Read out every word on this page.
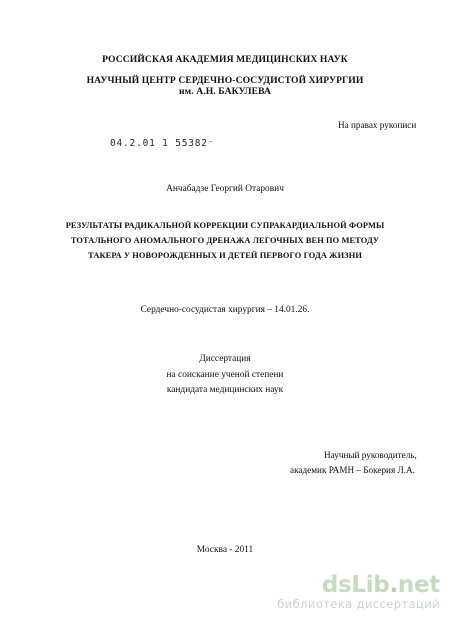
РОССИЙСКАЯ АКАДЕМИЯ МЕДИЦИНСКИХ НАУК
НАУЧНЫЙ ЦЕНТР СЕРДЕЧНО-СОСУДИСТОЙ ХИРУРГИИ
им. А.Н. БАКУЛЕВА
На правах рукописи
04.2.01 1 55382⁻
Анчабадзе Георгий Отарович
РЕЗУЛЬТАТЫ РАДИКАЛЬНОЙ КОРРЕКЦИИ СУПРАКАРДИАЛЬНОЙ ФОРМЫ
ТОТАЛЬНОГО АНОМАЛЬНОГО ДРЕНАЖА ЛЕГОЧНЫХ ВЕН ПО МЕТОДУ
ТАКЕРА У НОВОРОЖДЕННЫХ И ДЕТЕЙ ПЕРВОГО ГОДА ЖИЗНИ
Сердечно-сосудистая хирургия – 14.01.26.
Диссертация
на соискание ученой степени
кандидата медицинских наук
Научный руководитель,
академик РАМН – Бокерия Л.А.
Москва - 2011
dsLib.net
библиотека диссертаций
